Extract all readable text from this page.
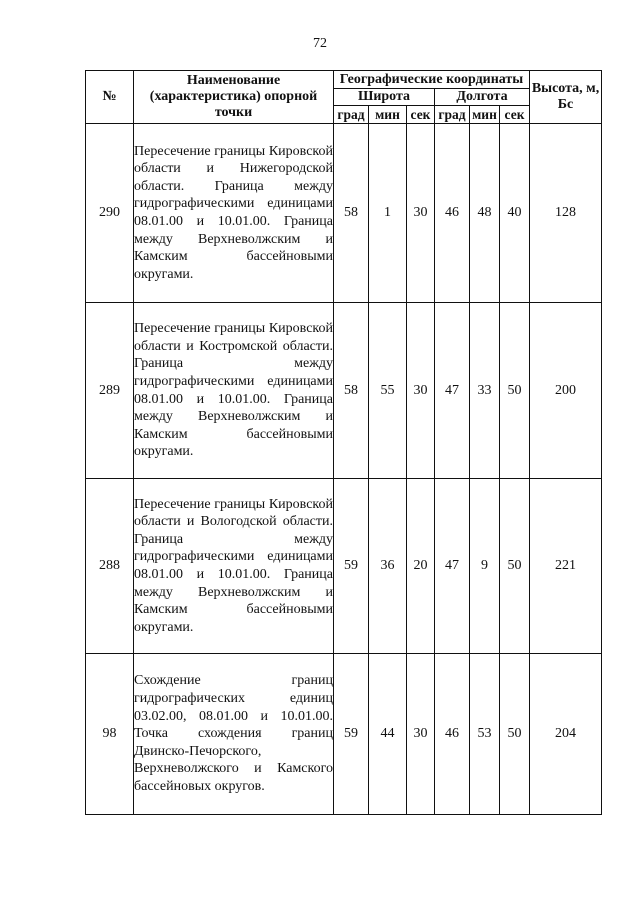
72
№	Наименование (характеристика) опорной точки	Географические координаты						Высота, м, Бс
		Широта			Долгота			
		град	мин	сек	град	мин	сек	
290	Пересечение границы Кировской области и Нижегородской области. Граница между гидрографическими единицами 08.01.00 и 10.01.00. Граница между Верхневолжским и Камским бассейновыми округами.	58	1	30	46	48	40	128
289	Пересечение границы Кировской области и Костромской области. Граница между гидрографическими единицами 08.01.00 и 10.01.00. Граница между Верхневолжским и Камским бассейновыми округами.	58	55	30	47	33	50	200
288	Пересечение границы Кировской области и Вологодской области. Граница между гидрографическими единицами 08.01.00 и 10.01.00. Граница между Верхневолжским и Камским бассейновыми округами.	59	36	20	47	9	50	221
98	Схождение границ гидрографических единиц 03.02.00, 08.01.00 и 10.01.00. Точка схождения границ Двинско-Печорского, Верхневолжского и Камского бассейновых округов.	59	44	30	46	53	50	204
